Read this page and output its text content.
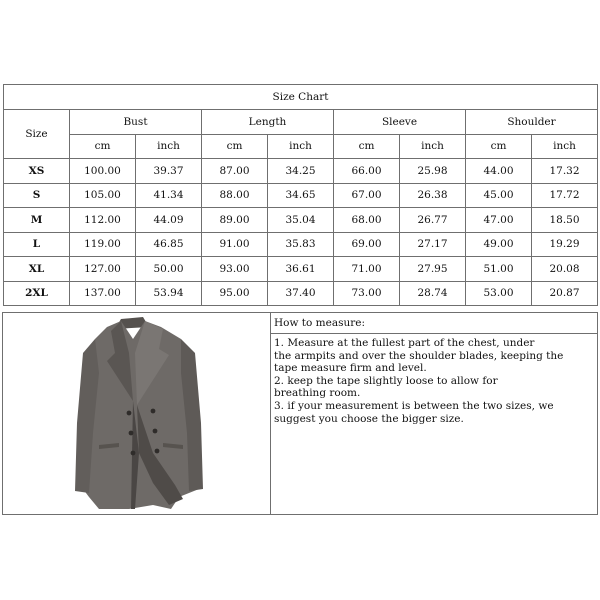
Size Chart								
Size	Bust		Length		Sleeve		Shoulder	
	cm	inch	cm	inch	cm	inch	cm	inch
XS	100.00	39.37	87.00	34.25	66.00	25.98	44.00	17.32
S	105.00	41.34	88.00	34.65	67.00	26.38	45.00	17.72
M	112.00	44.09	89.00	35.04	68.00	26.77	47.00	18.50
L	119.00	46.85	91.00	35.83	69.00	27.17	49.00	19.29
XL	127.00	50.00	93.00	36.61	71.00	27.95	51.00	20.08
2XL	137.00	53.94	95.00	37.40	73.00	28.74	53.00	20.87
How to measure:

1. Measure at the fullest part of the chest, under

the armpits and over the shoulder blades, keeping the

tape measure firm and level.

2. keep the tape slightly loose to allow for

breathing room.

3. if your measurement is between the two sizes, we

suggest you choose the bigger size.
